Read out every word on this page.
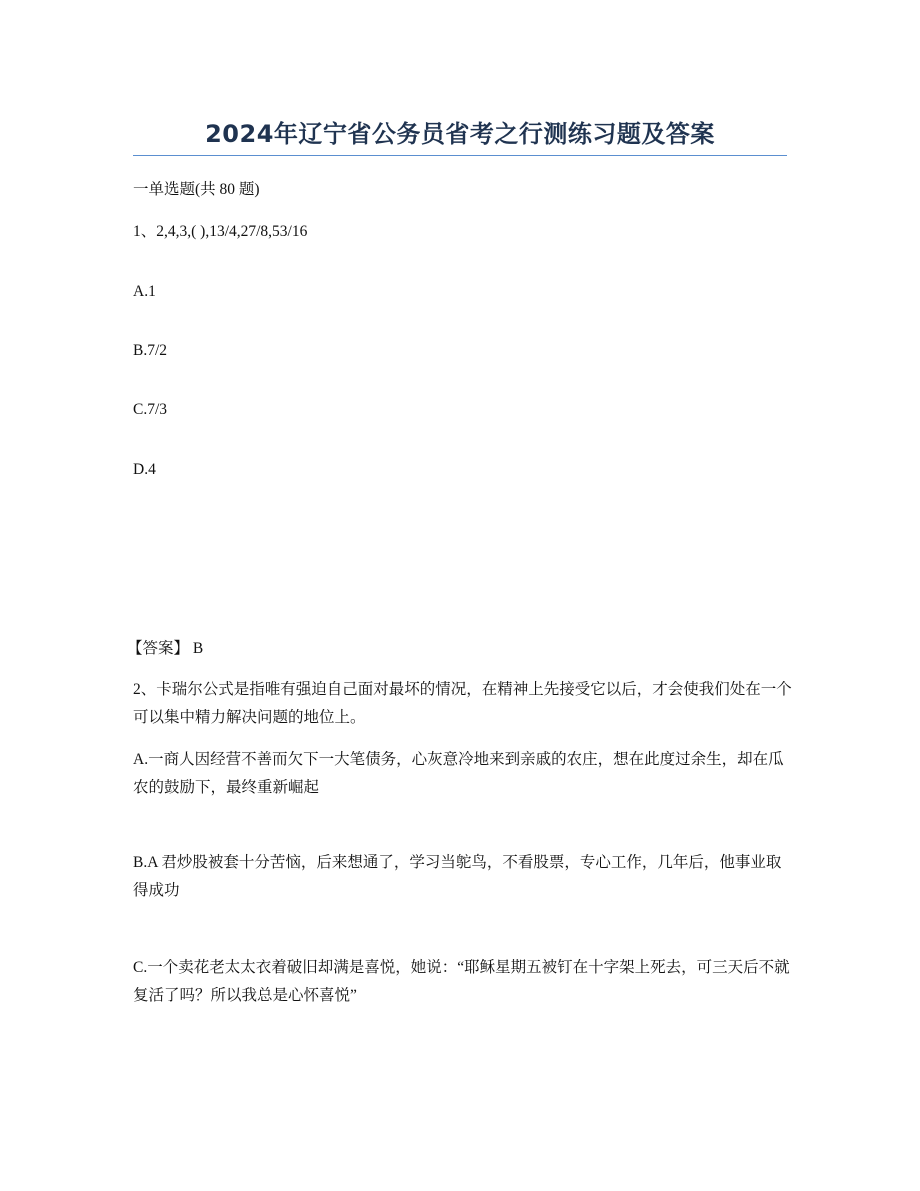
2024年辽宁省公务员省考之行测练习题及答案
一单选题(共 80 题)
1、2,4,3,( ),13/4,27/8,53/16
A.1
B.7/2
C.7/3
D.4
【答案】 B
2、卡瑞尔公式是指唯有强迫自己面对最坏的情况，在精神上先接受它以后，才会使我们处在一个可以集中精力解决问题的地位上。
A.一商人因经营不善而欠下一大笔债务，心灰意冷地来到亲戚的农庄，想在此度过余生，却在瓜农的鼓励下，最终重新崛起
B.A 君炒股被套十分苦恼，后来想通了，学习当鸵鸟，不看股票，专心工作，几年后，他事业取得成功
C.一个卖花老太太衣着破旧却满是喜悦，她说：“耶稣星期五被钉在十字架上死去，可三天后不就复活了吗？所以我总是心怀喜悦”
